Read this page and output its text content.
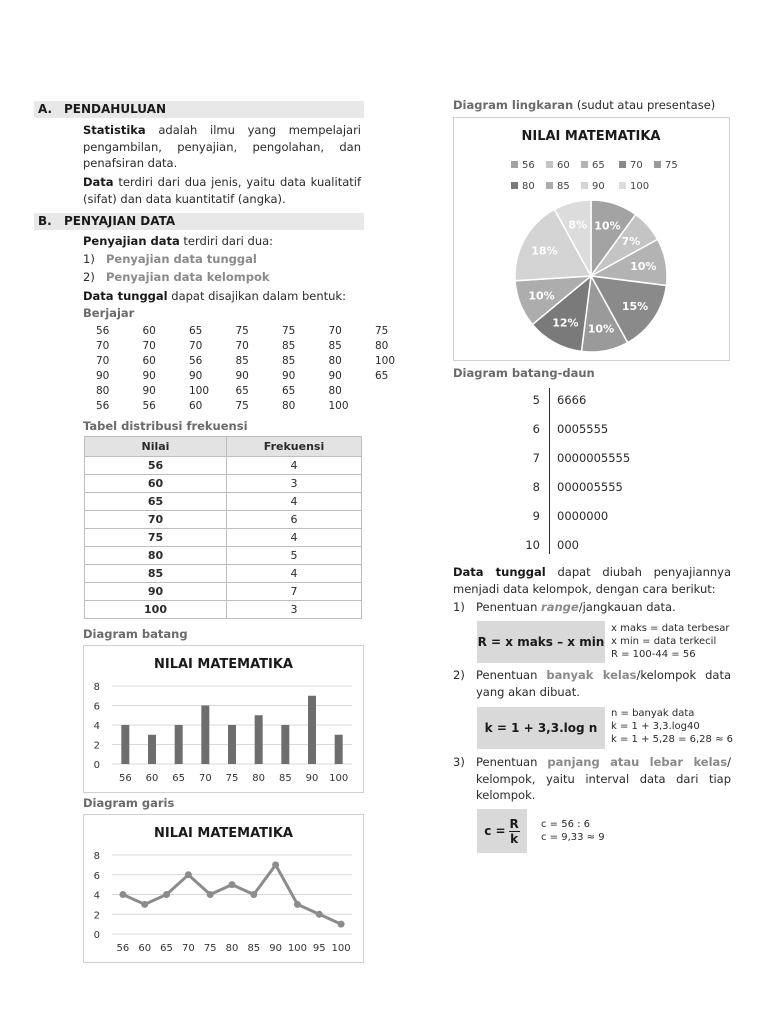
A. PENDAHULUAN
Statistika adalah ilmu yang mempelajari pengambilan, penyajian, pengolahan, dan penafsiran data.
Data terdiri dari dua jenis, yaitu data kualitatif (sifat) dan data kuantitatif (angka).
B. PENYAJIAN DATA
Penyajian data terdiri dari dua:
1) Penyajian data tunggal
2) Penyajian data kelompok
Data tunggal dapat disajikan dalam bentuk:
Berjajar
56	60	65	75	75	70	75
70	70	70	70	85	85	80
70	60	56	85	85	80	100
90	90	90	90	90	90	65
80	90	100	65	65	80	
56	56	60	75	80	100	
Tabel distribusi frekuensi
Nilai	Frekuensi
56	4
60	3
65	4
70	6
75	4
80	5
85	4
90	7
100	3
Diagram batang
NILAI MATEMATIKA
0
2
4
6
8
56 60 65 70 75 80 85 90 100
Diagram garis
NILAI MATEMATIKA
0
2
4
6
8
56 60 65 70 75 80 85 90 100 95 100
Diagram lingkaran (sudut atau presentase)
NILAI MATEMATIKA
56 60 65	70 75
80 85 90	100
10%
7%
10%
15%
10%
12%
10%
18%
8%
Diagram batang-daun
5 6666
6 0005555
7 0000005555
8 000005555
9 0000000
10 000
Data tunggal dapat diubah penyajiannya menjadi data kelompok, dengan cara berikut:
1) Penentuan range/jangkauan data.
R = x maks – x min
x maks = data terbesar
x min = data terkecil
R = 100-44 = 56
2) Penentuan banyak kelas/kelompok data yang akan dibuat.
k = 1 + 3,3.log n
n = banyak data
k = 1 + 3,3.log40
k = 1 + 5,28 = 6,28 ≈ 6
3) Penentuan panjang atau lebar kelas/ kelompok, yaitu interval data dari tiap kelompok.
$c = \frac{R}{k}$ c = 56 : 6
c = 9,33 ≈ 9
